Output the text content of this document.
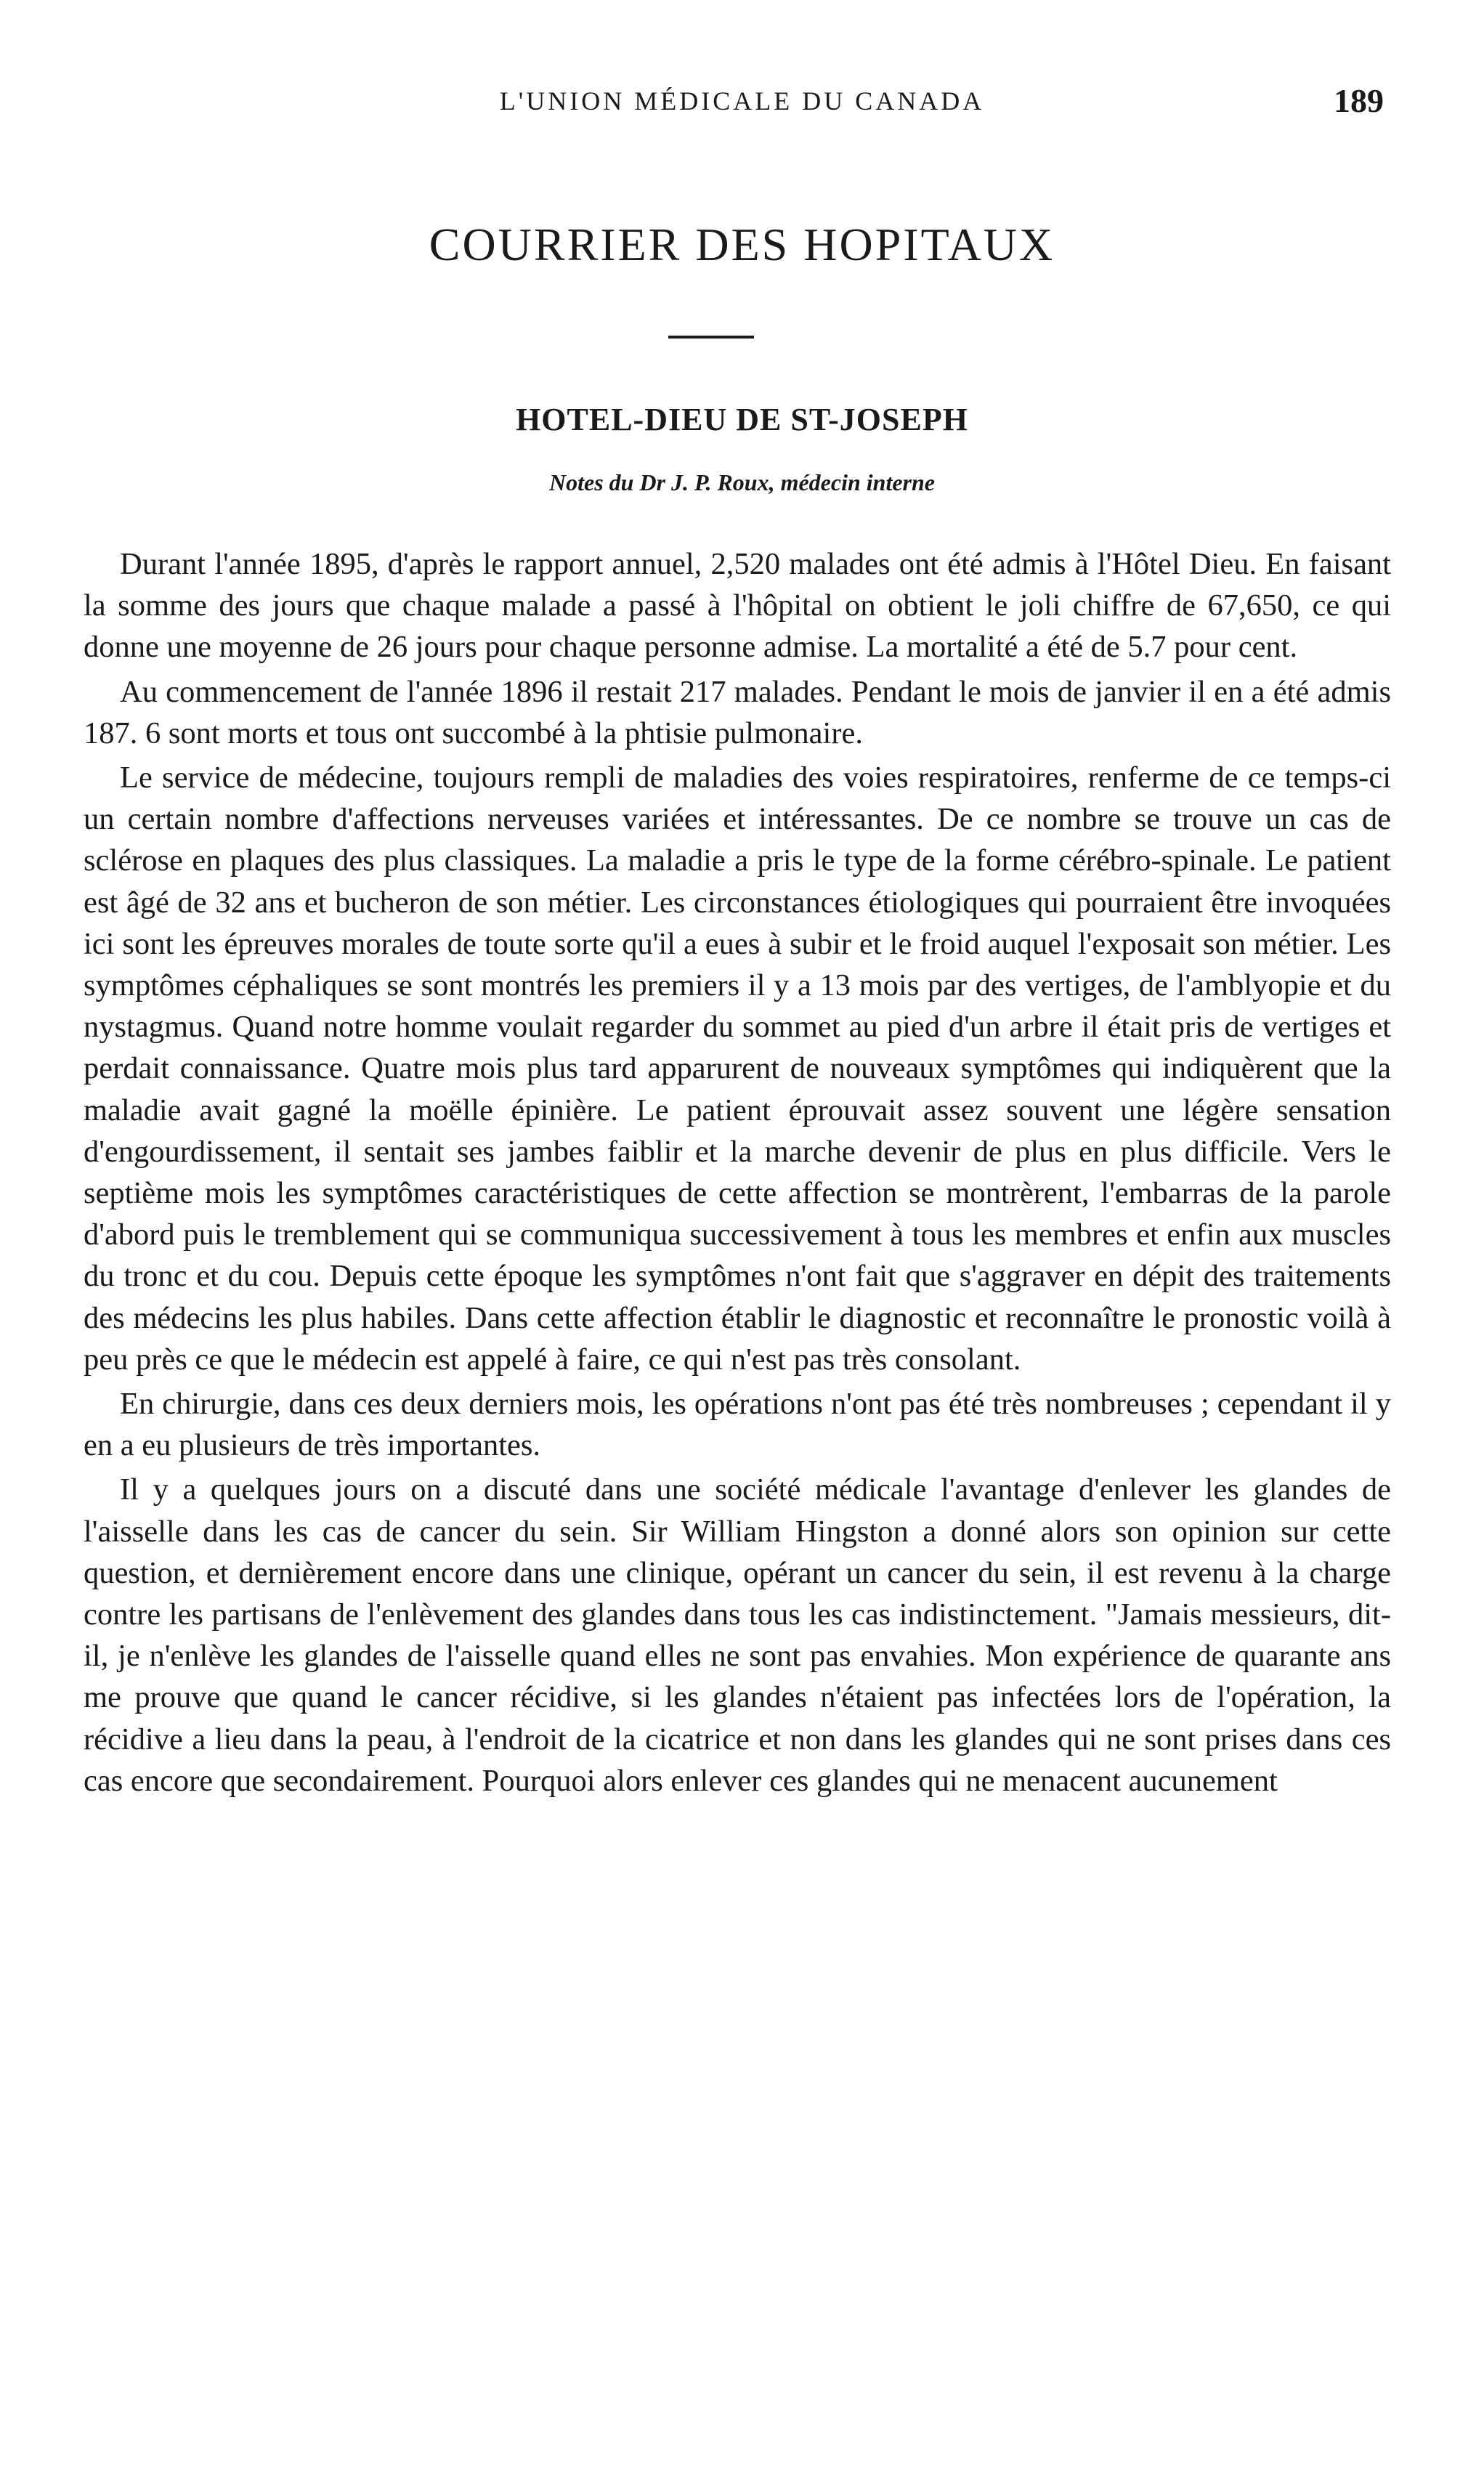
L'UNION MÉDICALE DU CANADA	189
COURRIER DES HOPITAUX
HOTEL-DIEU DE ST-JOSEPH
Notes du Dr J. P. Roux, médecin interne

Durant l'année 1895, d'après le rapport annuel, 2,520 malades ont été admis à l'Hôtel Dieu. En faisant la somme des jours que chaque malade a passé à l'hôpital on obtient le joli chiffre de 67,650, ce qui donne une moyenne de 26 jours pour chaque personne admise. La mortalité a été de 5.7 pour cent.

Au commencement de l'année 1896 il restait 217 malades. Pendant le mois de janvier il en a été admis 187. 6 sont morts et tous ont succombé à la phtisie pulmonaire.

Le service de médecine, toujours rempli de maladies des voies respiratoires, renferme de ce temps-ci un certain nombre d'affections nerveuses variées et intéressantes. De ce nombre se trouve un cas de sclérose en plaques des plus classiques. La maladie a pris le type de la forme cérébro-spinale. Le patient est âgé de 32 ans et bucheron de son métier. Les circonstances étiologiques qui pourraient être invoquées ici sont les épreuves morales de toute sorte qu'il a eues à subir et le froid auquel l'exposait son métier. Les symptômes céphaliques se sont montrés les premiers il y a 13 mois par des vertiges, de l'amblyopie et du nystagmus. Quand notre homme voulait regarder du sommet au pied d'un arbre il était pris de vertiges et perdait connaissance. Quatre mois plus tard apparurent de nouveaux symptômes qui indiquèrent que la maladie avait gagné la moëlle épinière. Le patient éprouvait assez souvent une légère sensation d'engourdissement, il sentait ses jambes faiblir et la marche devenir de plus en plus difficile. Vers le septième mois les symptômes caractéristiques de cette affection se montrèrent, l'embarras de la parole d'abord puis le tremblement qui se communiqua successivement à tous les membres et enfin aux muscles du tronc et du cou. Depuis cette époque les symptômes n'ont fait que s'aggraver en dépit des traitements des médecins les plus habiles. Dans cette affection établir le diagnostic et reconnaître le pronostic voilà à peu près ce que le médecin est appelé à faire, ce qui n'est pas très consolant.

En chirurgie, dans ces deux derniers mois, les opérations n'ont pas été très nombreuses ; cependant il y en a eu plusieurs de très importantes.

Il y a quelques jours on a discuté dans une société médicale l'avantage d'enlever les glandes de l'aisselle dans les cas de cancer du sein. Sir William Hingston a donné alors son opinion sur cette question, et dernièrement encore dans une clinique, opérant un cancer du sein, il est revenu à la charge contre les partisans de l'enlèvement des glandes dans tous les cas indistinctement. "Jamais messieurs, dit-il, je n'enlève les glandes de l'aisselle quand elles ne sont pas envahies. Mon expérience de quarante ans me prouve que quand le cancer récidive, si les glandes n'étaient pas infectées lors de l'opération, la récidive a lieu dans la peau, à l'endroit de la cicatrice et non dans les glandes qui ne sont prises dans ces cas encore que secondairement. Pourquoi alors enlever ces glandes qui ne menacent aucunement
